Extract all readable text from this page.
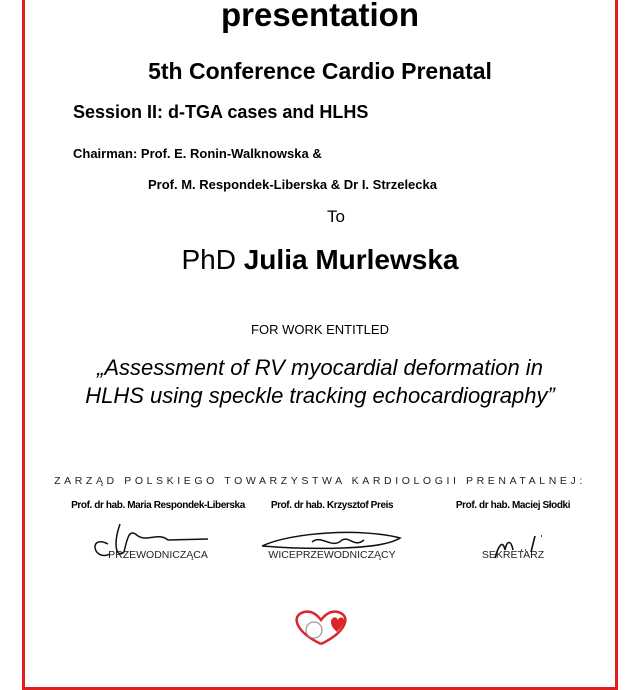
presentation
5th Conference Cardio Prenatal
Session II: d-TGA cases and HLHS
Chairman: Prof. E. Ronin-Walknowska &
Prof. M. Respondek-Liberska & Dr I. Strzelecka
To
PhD Julia Murlewska
FOR WORK ENTITLED
„Assessment of RV myocardial deformation in
HLHS using speckle tracking echocardiography”
ZARZĄD POLSKIEGO TOWARZYSTWA KARDIOLOGII PRENATALNEJ:
Prof. dr hab. Maria Respondek-Liberska
PRZEWODNICZĄCA
Prof. dr hab. Krzysztof Preis
WICEPRZEWODNICZĄCY
Prof. dr hab. Maciej Słodki
SEKRETARZ
